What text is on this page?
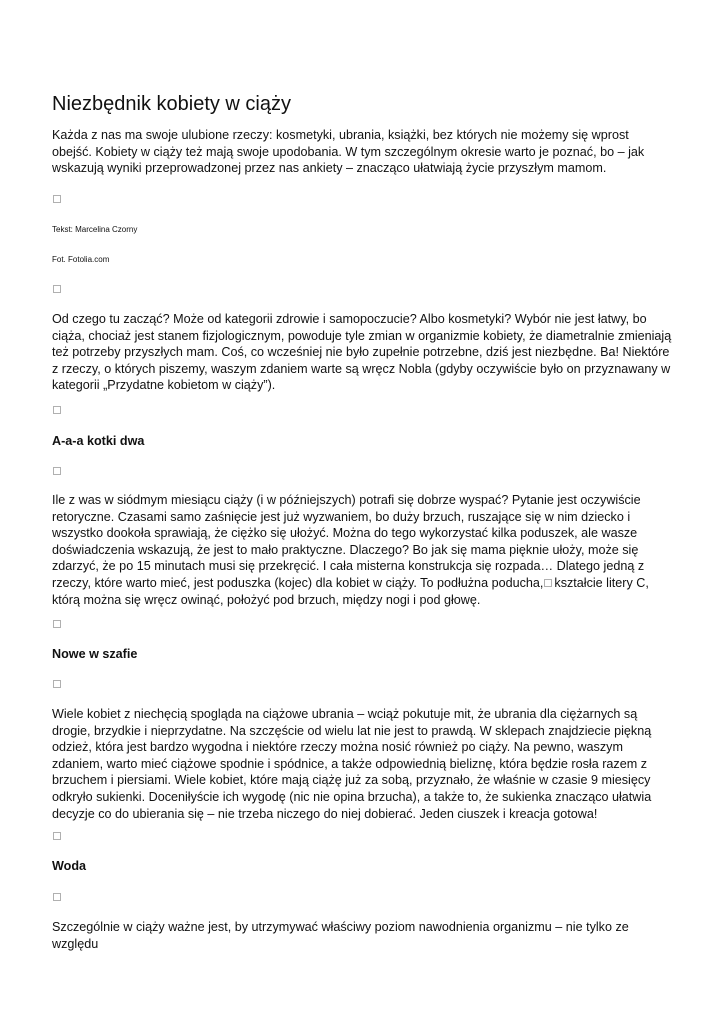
Niezbędnik kobiety w ciąży

Każda z nas ma swoje ulubione rzeczy: kosmetyki, ubrania, książki, bez których nie możemy się wprost obejść. Kobiety w ciąży też mają swoje upodobania. W tym szczególnym okresie warto je poznać, bo – jak wskazują wyniki przeprowadzonej przez nas ankiety – znacząco ułatwiają życie przyszłym mamom.

Tekst: Marcelina Czorny

Fot. Fotolia.com

Od czego tu zacząć? Może od kategorii zdrowie i samopoczucie? Albo kosmetyki? Wybór nie jest łatwy, bo ciąża, chociaż jest stanem fizjologicznym, powoduje tyle zmian w organizmie kobiety, że diametralnie zmieniają też potrzeby przyszłych mam. Coś, co wcześniej nie było zupełnie potrzebne, dziś jest niezbędne. Ba! Niektóre z rzeczy, o których piszemy, waszym zdaniem warte są wręcz Nobla (gdyby oczywiście było on przyznawany w kategorii „Przydatne kobietom w ciąży”).

A-a-a kotki dwa

Ile z was w siódmym miesiącu ciąży (i w późniejszych) potrafi się dobrze wyspać? Pytanie jest oczywiście retoryczne. Czasami samo zaśnięcie jest już wyzwaniem, bo duży brzuch, ruszające się w nim dziecko i wszystko dookoła sprawiają, że ciężko się ułożyć. Można do tego wykorzystać kilka poduszek, ale wasze doświadczenia wskazują, że jest to mało praktyczne. Dlaczego? Bo jak się mama pięknie ułoży, może się zdarzyć, że po 15 minutach musi się przekręcić. I cała misterna konstrukcja się rozpada… Dlatego jedną z rzeczy, które warto mieć, jest poduszka (kojec) dla kobiet w ciąży. To podłużna poducha, kształcie litery C, którą można się wręcz owinąć, położyć pod brzuch, między nogi i pod głowę.

Nowe w szafie

Wiele kobiet z niechęcią spogląda na ciążowe ubrania – wciąż pokutuje mit, że ubrania dla ciężarnych są drogie, brzydkie i nieprzydatne. Na szczęście od wielu lat nie jest to prawdą. W sklepach znajdziecie piękną odzież, która jest bardzo wygodna i niektóre rzeczy można nosić również po ciąży. Na pewno, waszym zdaniem, warto mieć ciążowe spodnie i spódnice, a także odpowiednią bieliznę, która będzie rosła razem z brzuchem i piersiami. Wiele kobiet, które mają ciążę już za sobą, przyznało, że właśnie w czasie 9 miesięcy odkryło sukienki. Doceniłyście ich wygodę (nic nie opina brzucha), a także to, że sukienka znacząco ułatwia decyzje co do ubierania się – nie trzeba niczego do niej dobierać. Jeden ciuszek i kreacja gotowa!

Woda

Szczególnie w ciąży ważne jest, by utrzymywać właściwy poziom nawodnienia organizmu – nie tylko ze względu
